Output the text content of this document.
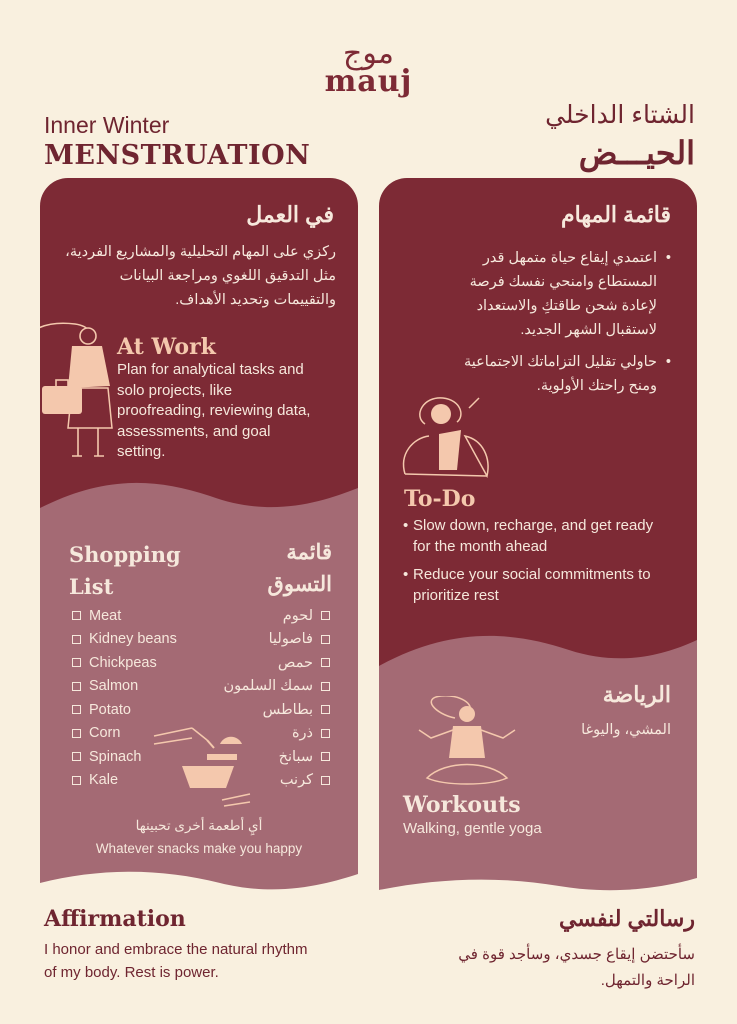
موج
mauj
Inner Winter
MENSTRUATION
الشتاء الداخلي
الحيـــض
في العمل
ركزي على المهام التحليلية والمشاريع الفردية، مثل التدقيق اللغوي ومراجعة البيانات والتقييمات وتحديد الأهداف.
At Work
Plan for analytical tasks and solo projects, like proofreading, reviewing data, assessments, and goal setting.
Shopping
List
قائمة
التسوق
Meat
Kidney beans
Chickpeas
Salmon
Potato
Corn
Spinach
Kale
لحوم
فاصوليا
حمص
سمك السلمون
بطاطس
ذرة
سبانخ
كرنب
أيِ أطعمة أخرى تحبينها
Whatever snacks make you happy
قائمة المهام
• اعتمدي إيقاع حياة متمهل قدر المستطاع وامنحي نفسك فرصة لإعادة شحن طاقتكِ والاستعداد لاستقبال الشهر الجديد.
• حاولي تقليل التزاماتك الاجتماعية ومنح راحتك الأولوية.
To-Do
• Slow down, recharge, and get ready for the month ahead
• Reduce your social commitments to prioritize rest
الرياضة
المشي، واليوغا
Workouts
Walking, gentle yoga
Affirmation
I honor and embrace the natural rhythm of my body. Rest is power.
رسالتي لنفسي
سأحتضن إيقاع جسدي، وسأجد قوة في الراحة والتمهل.
